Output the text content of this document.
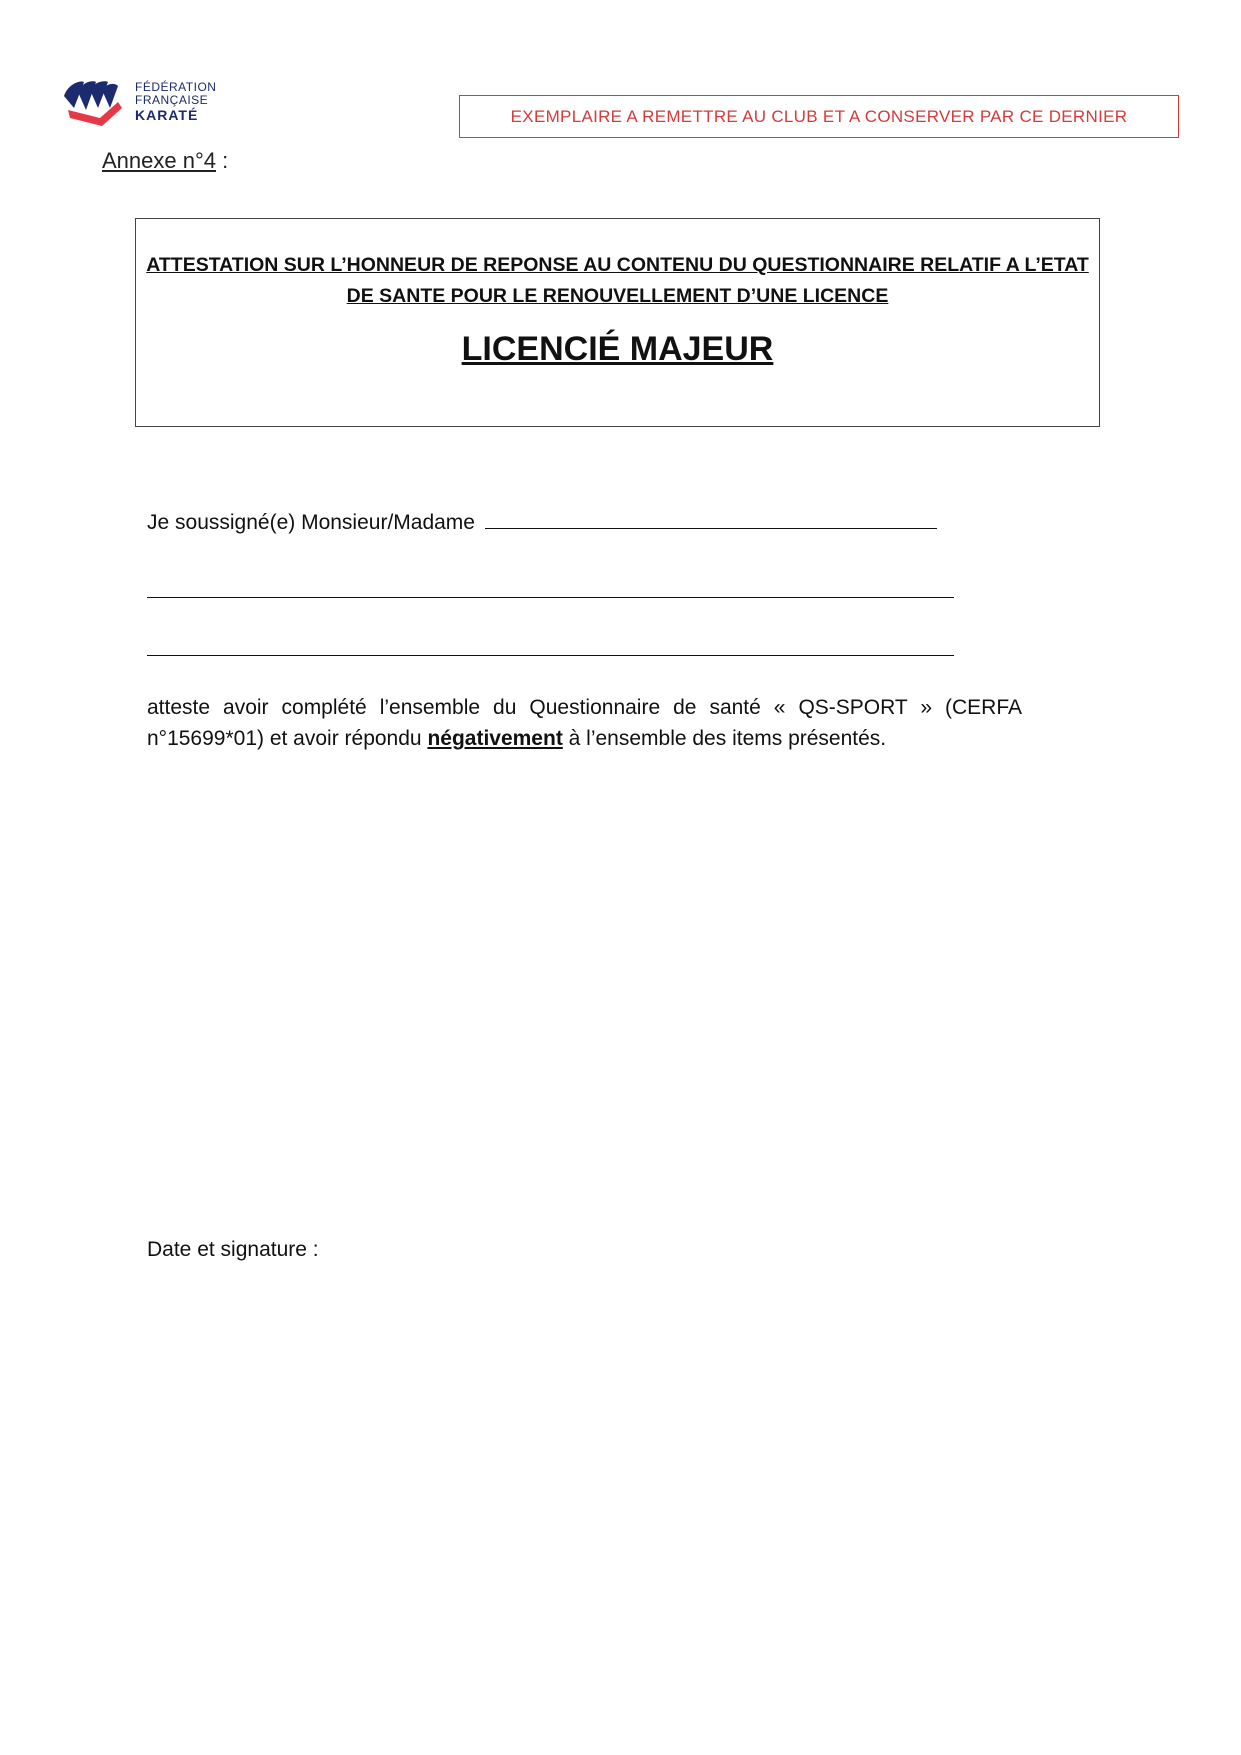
FÉDÉRATION
FRANÇAISE
KARATÉ	EXEMPLAIRE A REMETTRE AU CLUB ET A CONSERVER PAR CE DERNIER
Annexe n°4 :
ATTESTATION SUR L’HONNEUR DE REPONSE AU CONTENU DU QUESTIONNAIRE RELATIF A L’ETAT DE SANTE POUR LE RENOUVELLEMENT D’UNE LICENCE
LICENCIÉ MAJEUR
Je soussigné(e) Monsieur/Madame
atteste avoir complété l’ensemble du Questionnaire de santé « QS-SPORT » (CERFA n°15699*01) et avoir répondu négativement à l’ensemble des items présentés.
Date et signature :
